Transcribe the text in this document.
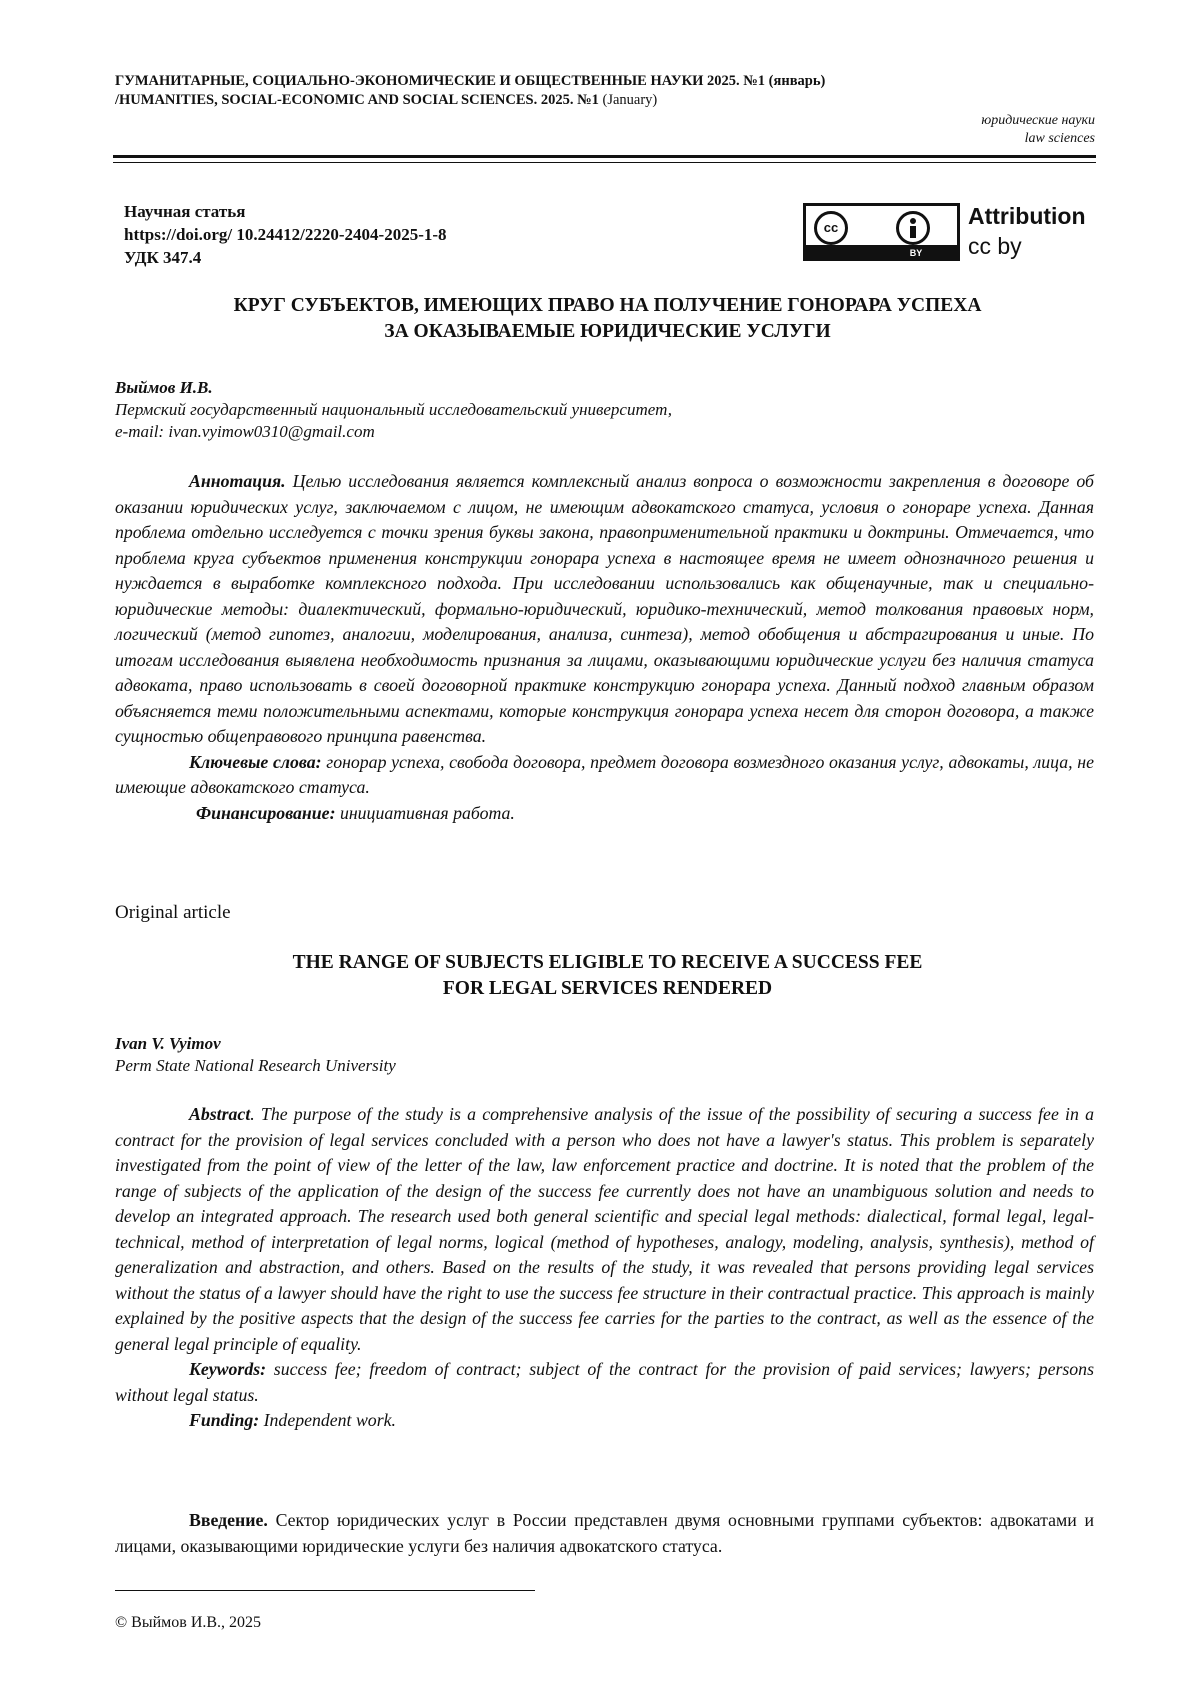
ГУМАНИТАРНЫЕ, СОЦИАЛЬНО-ЭКОНОМИЧЕСКИЕ И ОБЩЕСТВЕННЫЕ НАУКИ 2025. №1 (январь)
/HUMANITIES, SOCIAL-ECONOMIC AND SOCIAL SCIENCES. 2025. №1 (January)
юридические науки
law sciences
Научная статья
https://doi.org/ 10.24412/2220-2404-2025-1-8
УДК 347.4
cc
BY
Attribution
cc by
КРУГ СУБЪЕКТОВ, ИМЕЮЩИХ ПРАВО НА ПОЛУЧЕНИЕ ГОНОРАРА УСПЕХА
ЗА ОКАЗЫВАЕМЫЕ ЮРИДИЧЕСКИЕ УСЛУГИ
Выймов И.В.
Пермский государственный национальный исследовательский университет,
e-mail: ivan.vyimow0310@gmail.com

Аннотация. Целью исследования является комплексный анализ вопроса о возможности закрепления в договоре об оказании юридических услуг, заключаемом с лицом, не имеющим адвокатского статуса, условия о гонораре успеха. Данная проблема отдельно исследуется с точки зрения буквы закона, правоприменительной практики и доктрины. Отмечается, что проблема круга субъектов применения конструкции гонорара успеха в настоящее время не имеет однозначного решения и нуждается в выработке комплексного подхода. При исследовании использовались как общенаучные, так и специально-юридические методы: диалектический, формально-юридический, юридико-технический, метод толкования правовых норм, логический (метод гипотез, аналогии, моделирования, анализа, синтеза), метод обобщения и абстрагирования и иные. По итогам исследования выявлена необходимость признания за лицами, оказывающими юридические услуги без наличия статуса адвоката, право использовать в своей договорной практике конструкцию гонорара успеха. Данный подход главным образом объясняется теми положительными аспектами, которые конструкция гонорара успеха несет для сторон договора, а также сущностью общеправового принципа равенства.

Ключевые слова: гонорар успеха, свобода договора, предмет договора возмездного оказания услуг, адвокаты, лица, не имеющие адвокатского статуса.

Финансирование: инициативная работа.

Original article
THE RANGE OF SUBJECTS ELIGIBLE TO RECEIVE A SUCCESS FEE
FOR LEGAL SERVICES RENDERED
Ivan V. Vyimov
Perm State National Research University

Abstract. The purpose of the study is a comprehensive analysis of the issue of the possibility of securing a success fee in a contract for the provision of legal services concluded with a person who does not have a lawyer's status. This problem is separately investigated from the point of view of the letter of the law, law enforcement practice and doctrine. It is noted that the problem of the range of subjects of the application of the design of the success fee currently does not have an unambiguous solution and needs to develop an integrated approach. The research used both general scientific and special legal methods: dialectical, formal legal, legal-technical, method of interpretation of legal norms, logical (method of hypotheses, analogy, modeling, analysis, synthesis), method of generalization and abstraction, and others. Based on the results of the study, it was revealed that persons providing legal services without the status of a lawyer should have the right to use the success fee structure in their contractual practice. This approach is mainly explained by the positive aspects that the design of the success fee carries for the parties to the contract, as well as the essence of the general legal principle of equality.

Keywords: success fee; freedom of contract; subject of the contract for the provision of paid services; lawyers; persons without legal status.

Funding: Independent work.

Введение. Сектор юридических услуг в России представлен двумя основными группами субъектов: адвокатами и лицами, оказывающими юридические услуги без наличия адвокатского статуса.

© Выймов И.В., 2025
